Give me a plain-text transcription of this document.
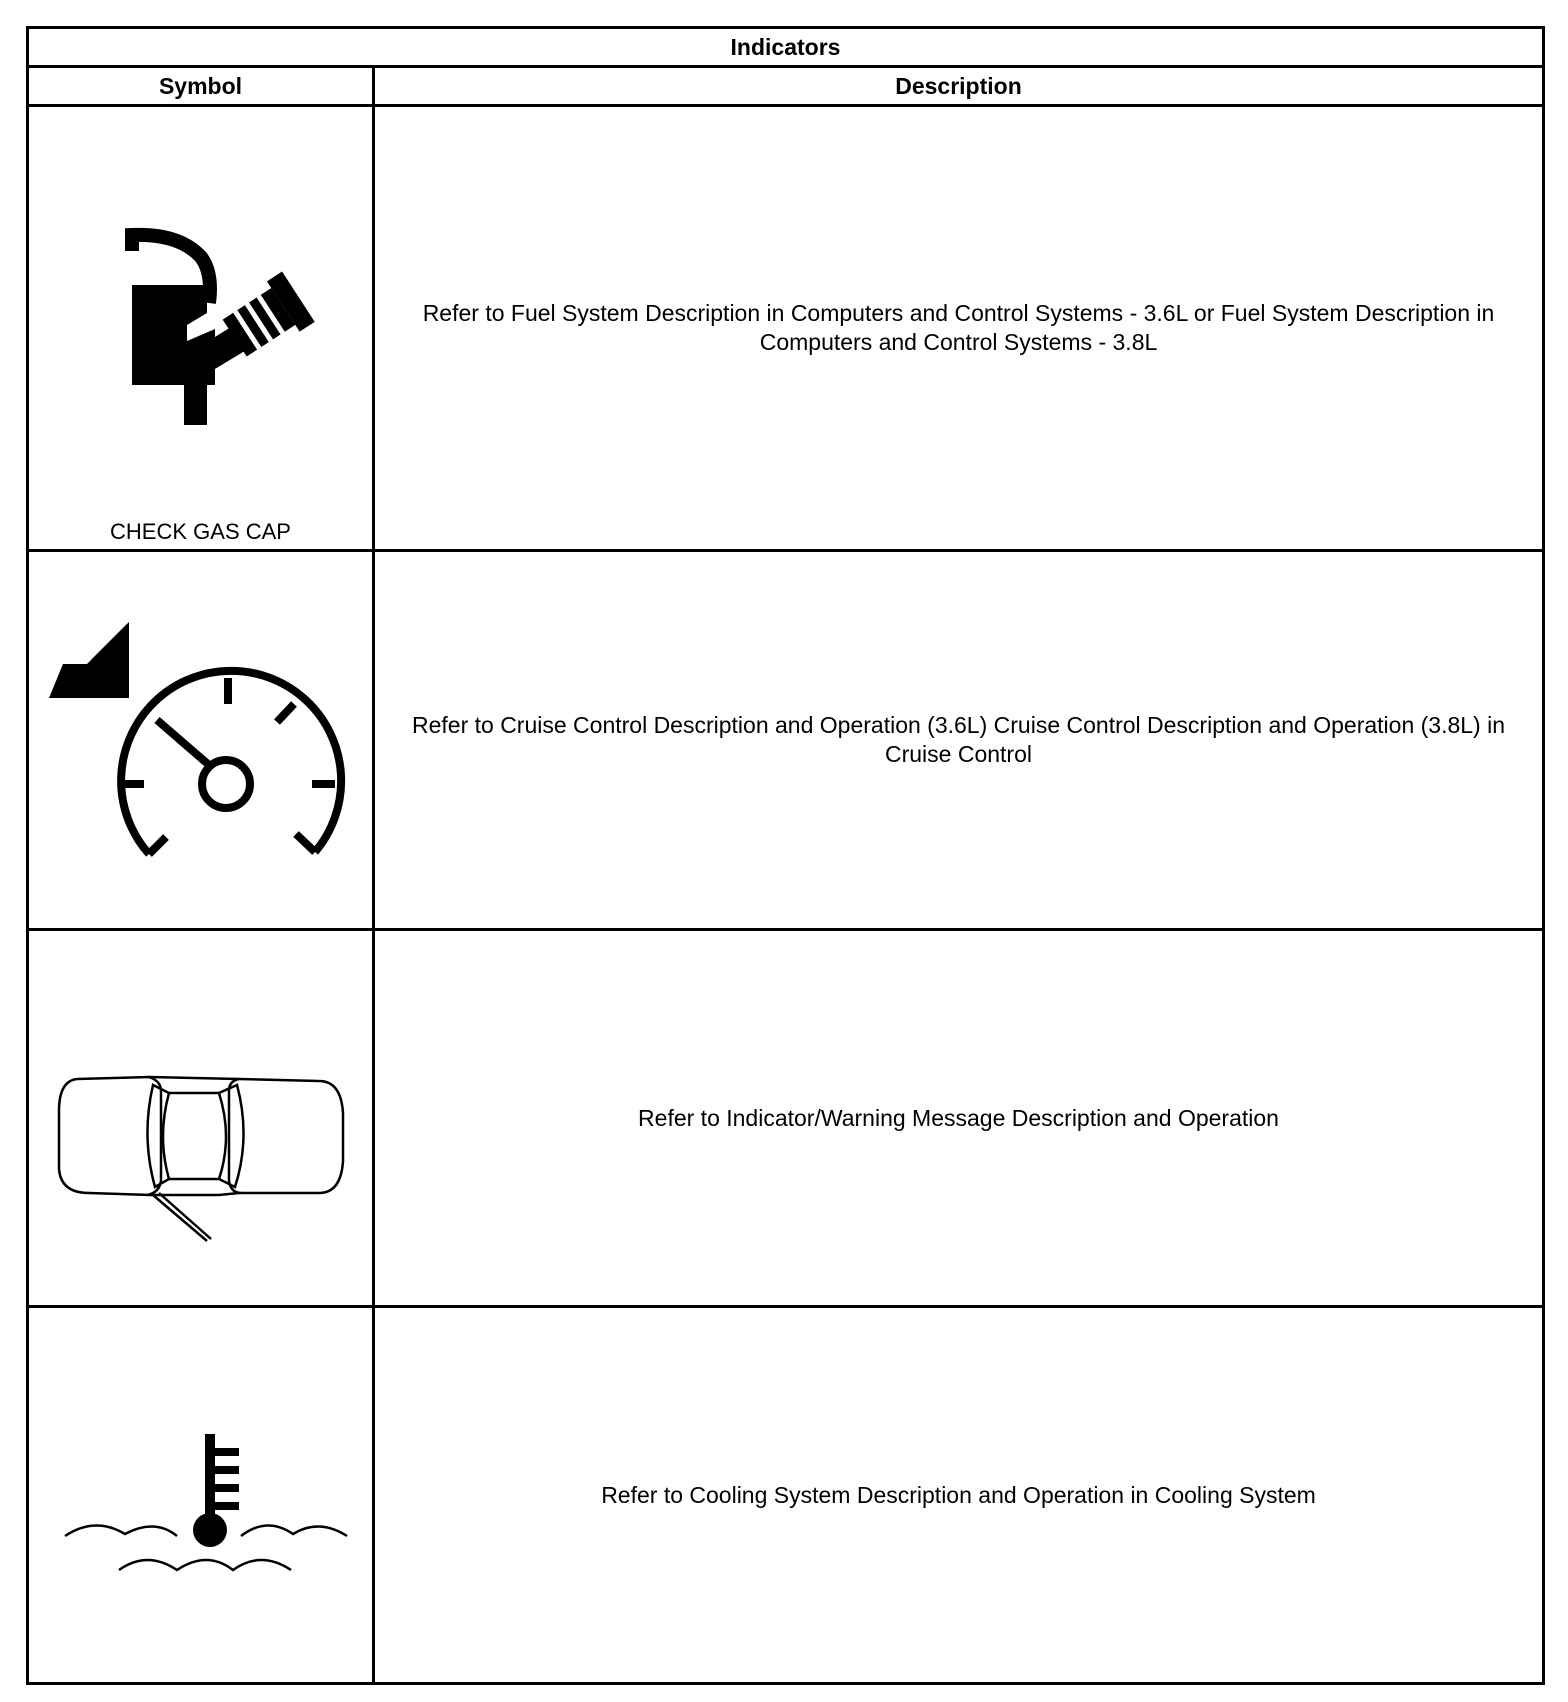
Indicators	
Symbol	Description

CHECK GAS CAP	Refer to Fuel System Description in Computers and Control Systems - 3.6L or Fuel System Description in Computers and Control Systems - 3.8L

	Refer to Cruise Control Description and Operation (3.6L) Cruise Control Description and Operation (3.8L) in Cruise Control

	Refer to Indicator/Warning Message Description and Operation

	Refer to Cooling System Description and Operation in Cooling System
